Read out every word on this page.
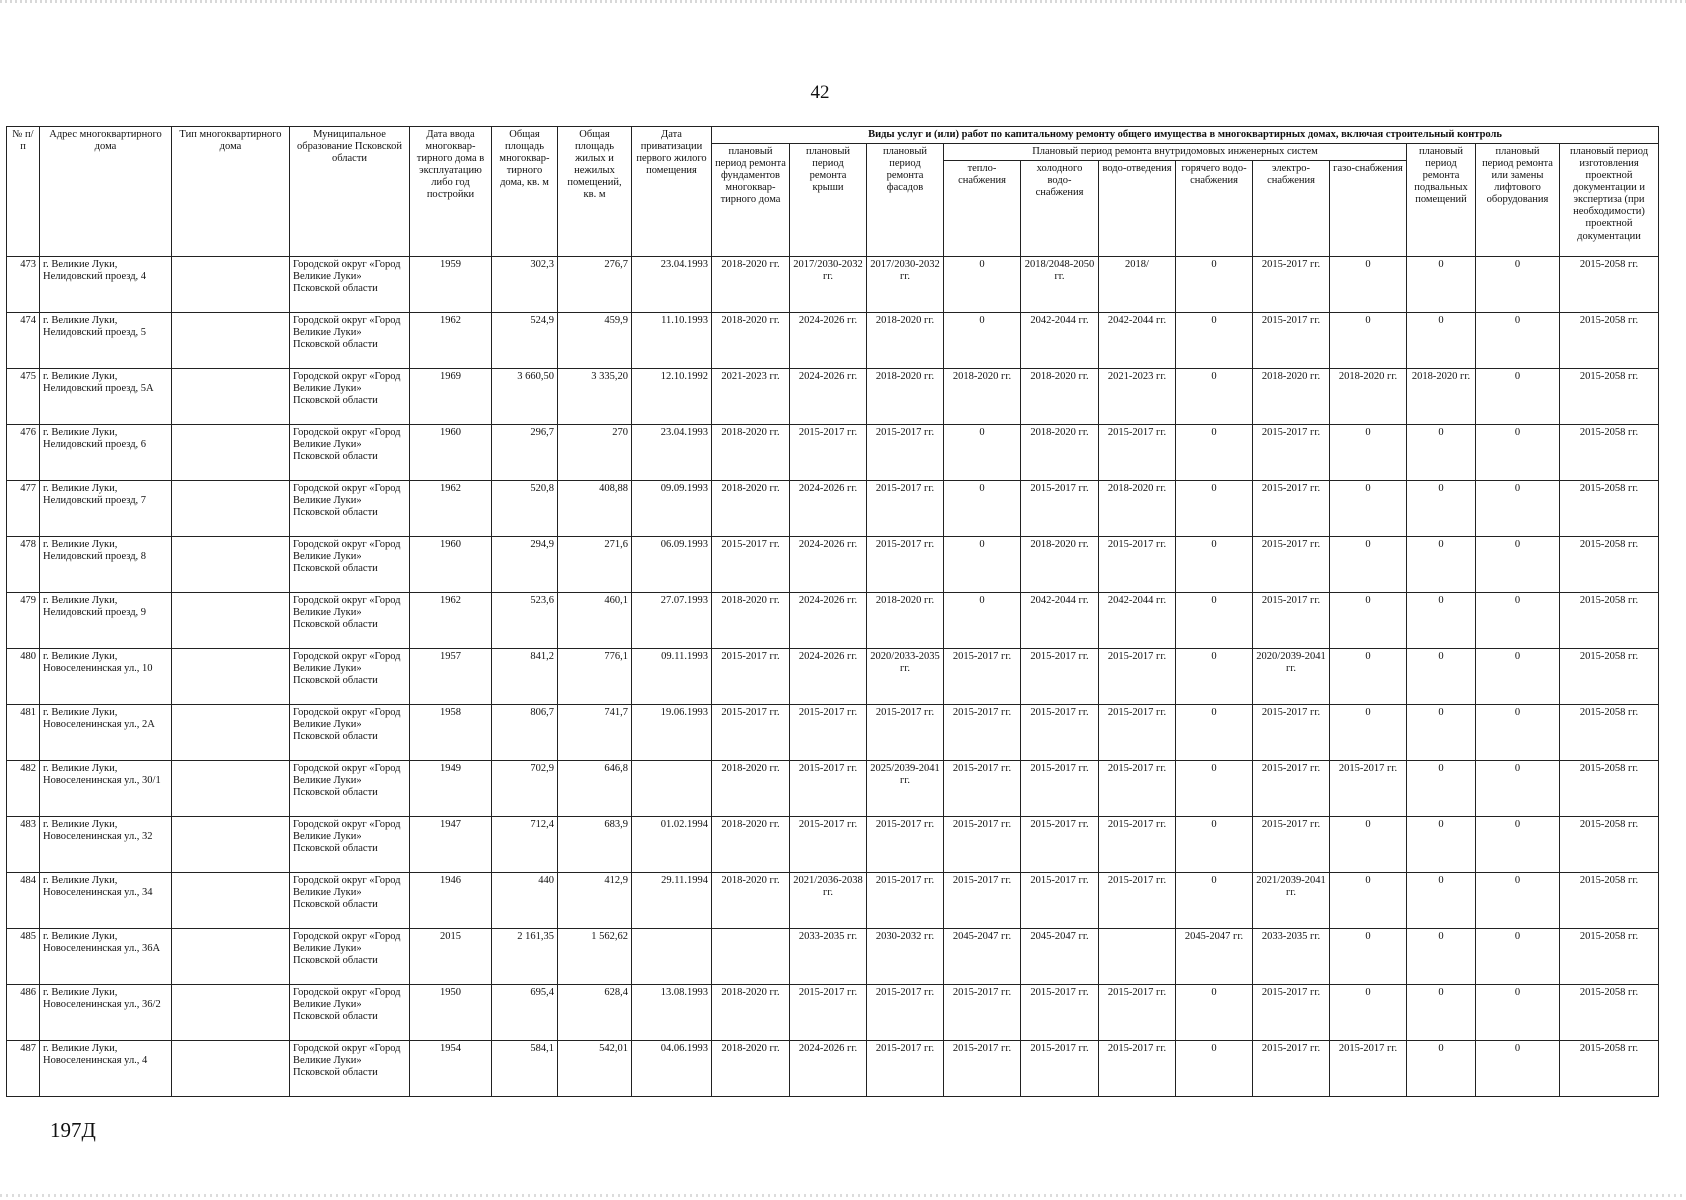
42
№ п/п	Адрес многоквартирного дома	Тип многоквартирного дома	Муниципальное образование Псковской области	Дата ввода многоквар-тирного дома в эксплуатацию либо год постройки	Общая площадь многоквар-тирного дома, кв. м	Общая площадь жилых и нежилых помещений, кв. м	Дата приватизации первого жилого помещения	Виды услуг и (или) работ по капитальному ремонту общего имущества в многоквартирных домах, включая строительный контроль											
								плановый период ремонта фундаментов многоквар-тирного дома	плановый период ремонта крыши	плановый период ремонта фасадов	Плановый период ремонта внутридомовых инженерных систем						плановый период ремонта подвальных помещений	плановый период ремонта или замены лифтового оборудования	плановый период изготовления проектной документации и экспертиза (при необходимости) проектной документации
											тепло-снабжения	холодного водо-снабжения	водо-отведения	горячего водо-снабжения	электро-снабжения	газо-снабжения			
473	г. Великие Луки, Нелидовский проезд, 4		Городской округ «Город Великие Луки» Псковской области	1959	302,3	276,7	23.04.1993	2018-2020 гг.	2017/2030-2032 гг.	2017/2030-2032 гг.	0	2018/2048-2050 гг.	2018/	0	2015-2017 гг.	0	0	0	2015-2058 гг.
474	г. Великие Луки, Нелидовский проезд, 5		Городской округ «Город Великие Луки» Псковской области	1962	524,9	459,9	11.10.1993	2018-2020 гг.	2024-2026 гг.	2018-2020 гг.	0	2042-2044 гг.	2042-2044 гг.	0	2015-2017 гг.	0	0	0	2015-2058 гг.
475	г. Великие Луки, Нелидовский проезд, 5А		Городской округ «Город Великие Луки» Псковской области	1969	3 660,50	3 335,20	12.10.1992	2021-2023 гг.	2024-2026 гг.	2018-2020 гг.	2018-2020 гг.	2018-2020 гг.	2021-2023 гг.	0	2018-2020 гг.	2018-2020 гг.	2018-2020 гг.	0	2015-2058 гг.
476	г. Великие Луки, Нелидовский проезд, 6		Городской округ «Город Великие Луки» Псковской области	1960	296,7	270	23.04.1993	2018-2020 гг.	2015-2017 гг.	2015-2017 гг.	0	2018-2020 гг.	2015-2017 гг.	0	2015-2017 гг.	0	0	0	2015-2058 гг.
477	г. Великие Луки, Нелидовский проезд, 7		Городской округ «Город Великие Луки» Псковской области	1962	520,8	408,88	09.09.1993	2018-2020 гг.	2024-2026 гг.	2015-2017 гг.	0	2015-2017 гг.	2018-2020 гг.	0	2015-2017 гг.	0	0	0	2015-2058 гг.
478	г. Великие Луки, Нелидовский проезд, 8		Городской округ «Город Великие Луки» Псковской области	1960	294,9	271,6	06.09.1993	2015-2017 гг.	2024-2026 гг.	2015-2017 гг.	0	2018-2020 гг.	2015-2017 гг.	0	2015-2017 гг.	0	0	0	2015-2058 гг.
479	г. Великие Луки, Нелидовский проезд, 9		Городской округ «Город Великие Луки» Псковской области	1962	523,6	460,1	27.07.1993	2018-2020 гг.	2024-2026 гг.	2018-2020 гг.	0	2042-2044 гг.	2042-2044 гг.	0	2015-2017 гг.	0	0	0	2015-2058 гг.
480	г. Великие Луки, Новоселенинская ул., 10		Городской округ «Город Великие Луки» Псковской области	1957	841,2	776,1	09.11.1993	2015-2017 гг.	2024-2026 гг.	2020/2033-2035 гг.	2015-2017 гг.	2015-2017 гг.	2015-2017 гг.	0	2020/2039-2041 гг.	0	0	0	2015-2058 гг.
481	г. Великие Луки, Новоселенинская ул., 2А		Городской округ «Город Великие Луки» Псковской области	1958	806,7	741,7	19.06.1993	2015-2017 гг.	2015-2017 гг.	2015-2017 гг.	2015-2017 гг.	2015-2017 гг.	2015-2017 гг.	0	2015-2017 гг.	0	0	0	2015-2058 гг.
482	г. Великие Луки, Новоселенинская ул., 30/1		Городской округ «Город Великие Луки» Псковской области	1949	702,9	646,8		2018-2020 гг.	2015-2017 гг.	2025/2039-2041 гг.	2015-2017 гг.	2015-2017 гг.	2015-2017 гг.	0	2015-2017 гг.	2015-2017 гг.	0	0	2015-2058 гг.
483	г. Великие Луки, Новоселенинская ул., 32		Городской округ «Город Великие Луки» Псковской области	1947	712,4	683,9	01.02.1994	2018-2020 гг.	2015-2017 гг.	2015-2017 гг.	2015-2017 гг.	2015-2017 гг.	2015-2017 гг.	0	2015-2017 гг.	0	0	0	2015-2058 гг.
484	г. Великие Луки, Новоселенинская ул., 34		Городской округ «Город Великие Луки» Псковской области	1946	440	412,9	29.11.1994	2018-2020 гг.	2021/2036-2038 гг.	2015-2017 гг.	2015-2017 гг.	2015-2017 гг.	2015-2017 гг.	0	2021/2039-2041 гг.	0	0	0	2015-2058 гг.
485	г. Великие Луки, Новоселенинская ул., 36А		Городской округ «Город Великие Луки» Псковской области	2015	2 161,35	1 562,62			2033-2035 гг.	2030-2032 гг.	2045-2047 гг.	2045-2047 гг.		2045-2047 гг.	2033-2035 гг.	0	0	0	2015-2058 гг.
486	г. Великие Луки, Новоселенинская ул., 36/2		Городской округ «Город Великие Луки» Псковской области	1950	695,4	628,4	13.08.1993	2018-2020 гг.	2015-2017 гг.	2015-2017 гг.	2015-2017 гг.	2015-2017 гг.	2015-2017 гг.	0	2015-2017 гг.	0	0	0	2015-2058 гг.
487	г. Великие Луки, Новоселенинская ул., 4		Городской округ «Город Великие Луки» Псковской области	1954	584,1	542,01	04.06.1993	2018-2020 гг.	2024-2026 гг.	2015-2017 гг.	2015-2017 гг.	2015-2017 гг.	2015-2017 гг.	0	2015-2017 гг.	2015-2017 гг.	0	0	2015-2058 гг.
197Д
